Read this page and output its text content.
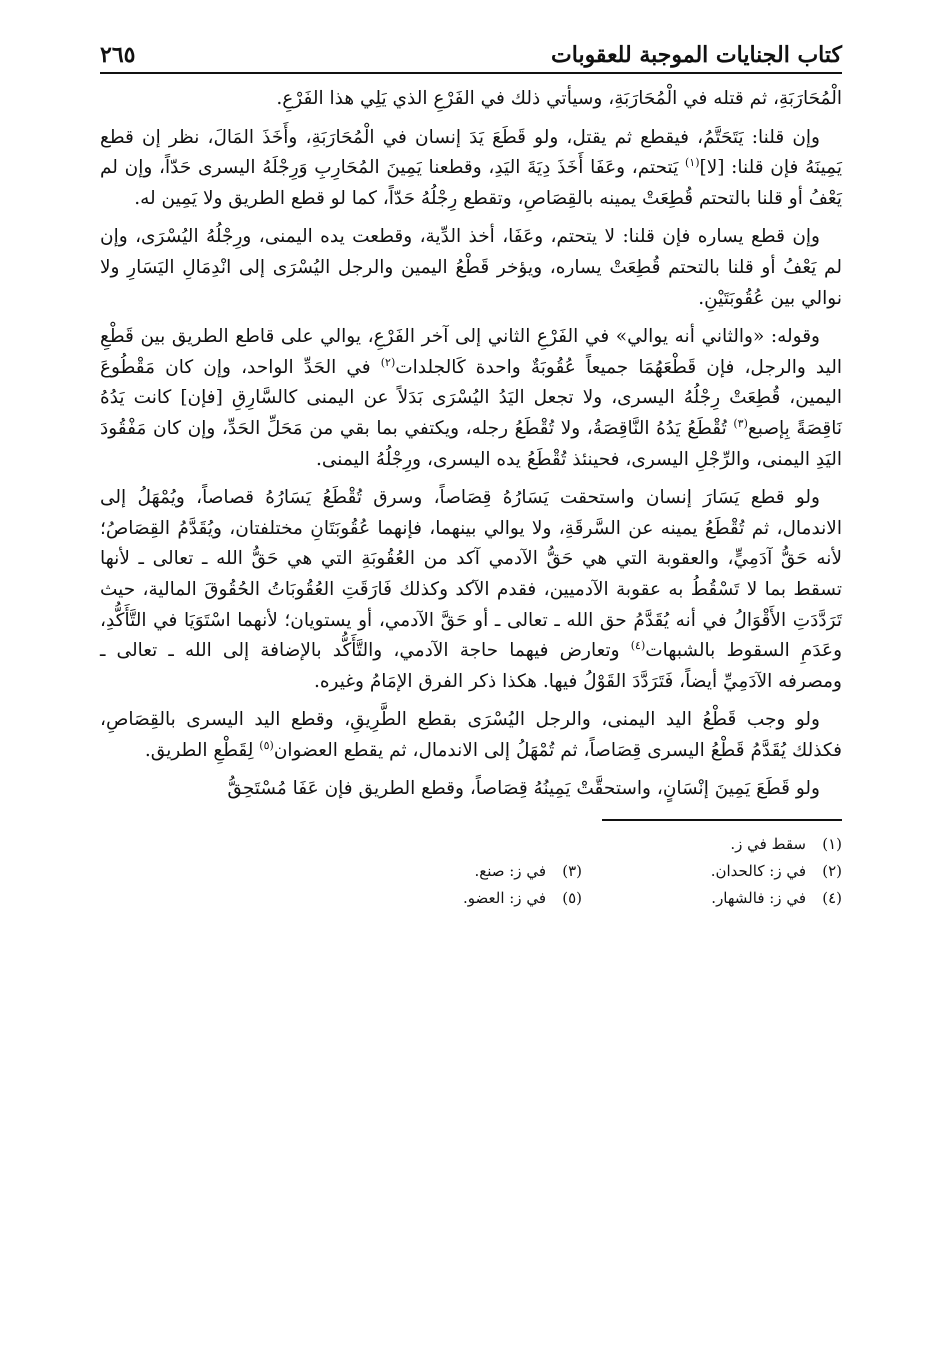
كتاب الجنايات الموجبة للعقوبات
٢٦٥

الْمُحَارَبَةِ، ثم قتله في الْمُحَارَبَةِ، وسيأتي ذلك في الفَرْعِ الذي يَلِي هذا الفَرْعِ.

وإن قلنا: يَتَحَتَّمُ، فيقطع ثم يقتل، ولو قَطَعَ يَدَ إنسان في الْمُحَارَبَةِ، وأَخَذَ المَالَ، نظر إن قطع يَمِينَهُ فإن قلنا: [لا]$^{(١)}$ يَتحتم، وعَفَا أَخَذَ دِيَةَ اليَدِ، وقطعنا يَمِينَ المُحَارِبِ وَرِجْلَهُ اليسرى حَدّاً، وإن لم يَعْفُ أو قلنا بالتحتم قُطِعَتْ يمينه بالقِصَاصِ، وتقطع رِجْلُهُ حَدّاً، كما لو قطع الطريق ولا يَمِين له.

وإن قطع يساره فإن قلنا: لا يتحتم، وعَفَا، أخذ الدِّية، وقطعت يده اليمنى، ورِجْلُهُ اليُسْرَى، وإن لم يَعْفُ أو قلنا بالتحتم قُطِعَتْ يساره، ويؤخر قَطْعُ اليمين والرجل اليُسْرَى إلى انْدِمَالِ اليَسَارِ ولا نوالي بين عُقُوبَتَيْنِ.

وقوله: «والثاني أنه يوالي» في الفَرْعِ الثاني إلى آخر الفَرْعِ، يوالي على قاطع الطريق بين قَطْعِ اليد والرجل، فإن قَطْعَهُمَا جميعاً عُقُوبَةٌ واحدة كَالجلدات$^{(٢)}$ في الحَدِّ الواحد، وإن كان مَقْطُوعَ اليمين، قُطِعَتْ رِجْلُهُ اليسرى، ولا تجعل اليَدُ اليُسْرَى بَدَلاً عن اليمنى كالسَّارِقِ [فإن] كانت يَدُهُ نَاقِصَةً بِإصبع$^{(٣)}$ تُقْطَعُ يَدُهُ النَّاقِصَةُ، ولا تُقْطَعُ رجله، ويكتفي بما بقي من مَحَلِّ الحَدِّ، وإن كان مَفْقُودَ اليَدِ اليمنى، والرِّجْلِ اليسرى، فحينئذ تُقْطَعُ يده اليسرى، ورِجْلُهُ اليمنى.

ولو قطع يَسَارَ إنسان واستحقت يَسَارُهُ قِصَاصاً، وسرق تُقْطَعُ يَسَارُهُ قصاصاً، ويُمْهَلُ إلى الاندمال، ثم تُقْطَعُ يمينه عن السَّرقَةِ، ولا يوالي بينهما، فإنهما عُقُوبَتَانِ مختلفتان، ويُقَدَّمُ القِصَاصُ؛ لأنه حَقُّ آدَمِيٍّ، والعقوبة التي هي حَقُّ الآدمي آكد من العُقُوبَةِ التي هي حَقُّ الله ـ تعالى ـ لأنها تسقط بما لا تَسْقُطُ به عقوبة الآدميين، فقدم الآكد وكذلك فَارَقَتِ العُقُوبَاتُ الحُقُوقَ المالية، حيث تَرَدَّدَتِ الأَقْوَالُ في أنه يُقَدَّمُ حق الله ـ تعالى ـ أو حَقَّ الآدمي، أو يستويان؛ لأنهما اسْتَوَيَا في التَّأَكُّدِ، وعَدَمِ السقوط بالشبهات$^{(٤)}$ وتعارض فيهما حاجة الآدمي، والتَّأَكُّد بالإضافة إلى الله ـ تعالى ـ ومصرفه الآدَمِيِّ أيضاً، فَتَرَدَّدَ القَوْلُ فيها. هكذا ذكر الفرق الإمَامُ وغيره.

ولو وجب قَطْعُ اليد اليمنى، والرجل اليُسْرَى بقطع الطَّرِيقِ، وقطع اليد اليسرى بالقِصَاصِ، فكذلك يُقَدَّمُ قَطْعُ اليسرى قِصَاصاً، ثم تُمْهَلُ إلى الاندمال، ثم يقطع العضوان$^{(٥)}$ لِقَطْعِ الطريق.

ولو قَطَعَ يَمِينَ إنْسَانٍ، واستحقَّتْ يَمِينُهُ قِصَاصاً، وقطع الطريق فإن عَفَا مُسْتَحِقُّ

(١)
سقط في ز.
(٢)
في ز: كالحدان.
(٣)
في ز: صنع.
(٤)
في ز: فالشهار.
(٥)
في ز: العضو.
